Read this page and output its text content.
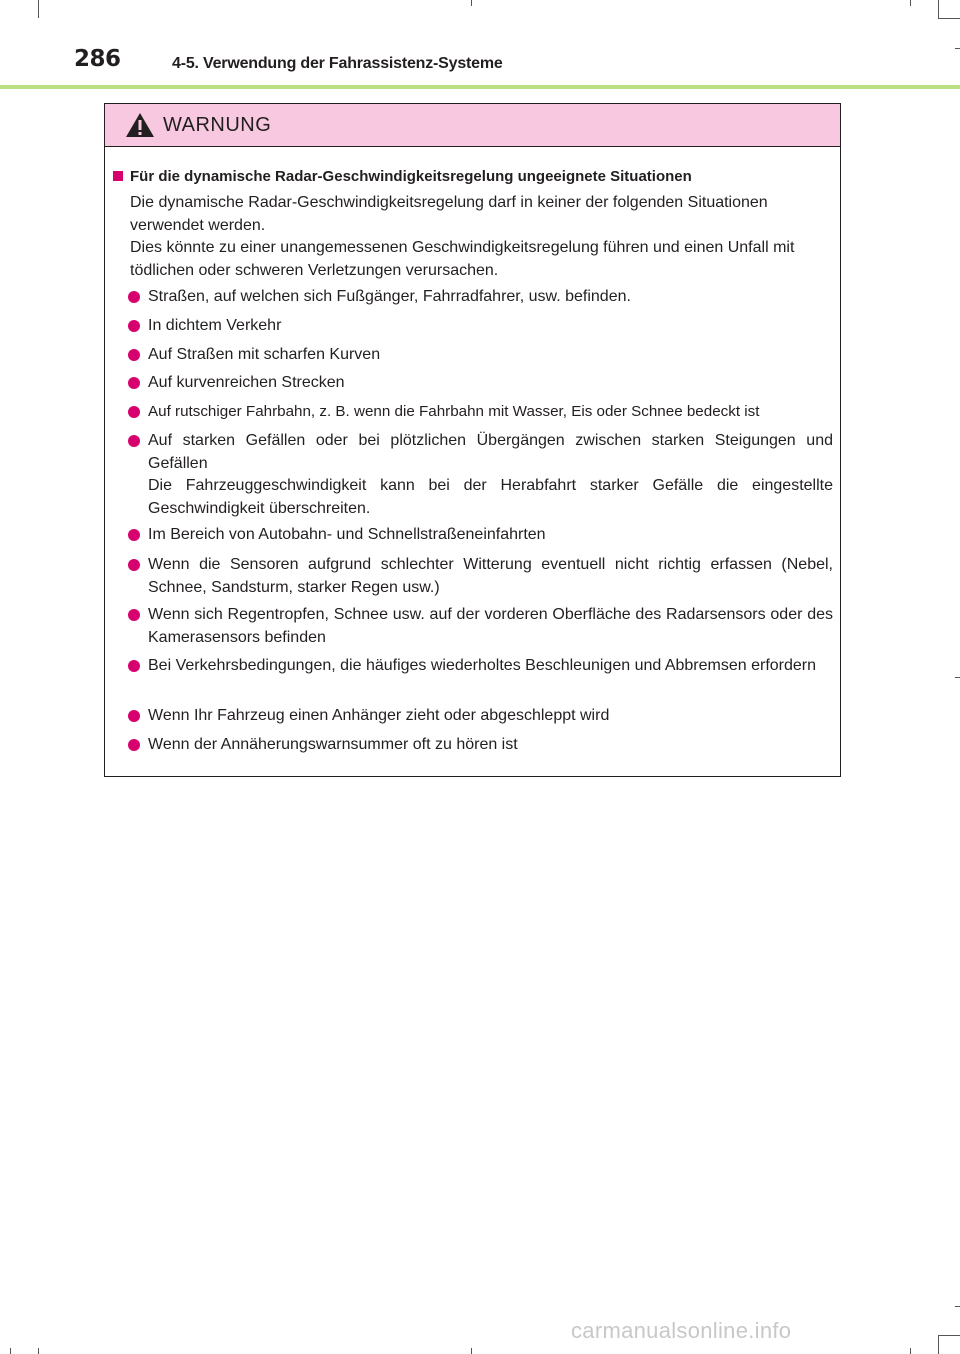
286	4-5. Verwendung der Fahrassistenz-Systeme
WARNUNG
Für die dynamische Radar-Geschwindigkeitsregelung ungeeignete Situationen

Die dynamische Radar-Geschwindigkeitsregelung darf in keiner der folgenden Situationen verwendet werden.

Dies könnte zu einer unangemessenen Geschwindigkeitsregelung führen und einen Unfall mit tödlichen oder schweren Verletzungen verursachen.

Straßen, auf welchen sich Fußgänger, Fahrradfahrer, usw. befinden.
In dichtem Verkehr
Auf Straßen mit scharfen Kurven
Auf kurvenreichen Strecken
Auf rutschiger Fahrbahn, z. B. wenn die Fahrbahn mit Wasser, Eis oder Schnee bedeckt ist
Auf starken Gefällen oder bei plötzlichen Übergängen zwischen starken Steigungen und Gefällen
Die Fahrzeuggeschwindigkeit kann bei der Herabfahrt starker Gefälle die eingestellte Geschwindigkeit überschreiten.
Im Bereich von Autobahn- und Schnellstraßeneinfahrten
Wenn die Sensoren aufgrund schlechter Witterung eventuell nicht richtig erfassen (Nebel, Schnee, Sandsturm, starker Regen usw.)
Wenn sich Regentropfen, Schnee usw. auf der vorderen Oberfläche des Radarsensors oder des Kamerasensors befinden
Bei Verkehrsbedingungen, die häufiges wiederholtes Beschleunigen und Abbremsen erfordern
Wenn Ihr Fahrzeug einen Anhänger zieht oder abgeschleppt wird
Wenn der Annäherungswarnsummer oft zu hören ist
carmanualsonline.info
